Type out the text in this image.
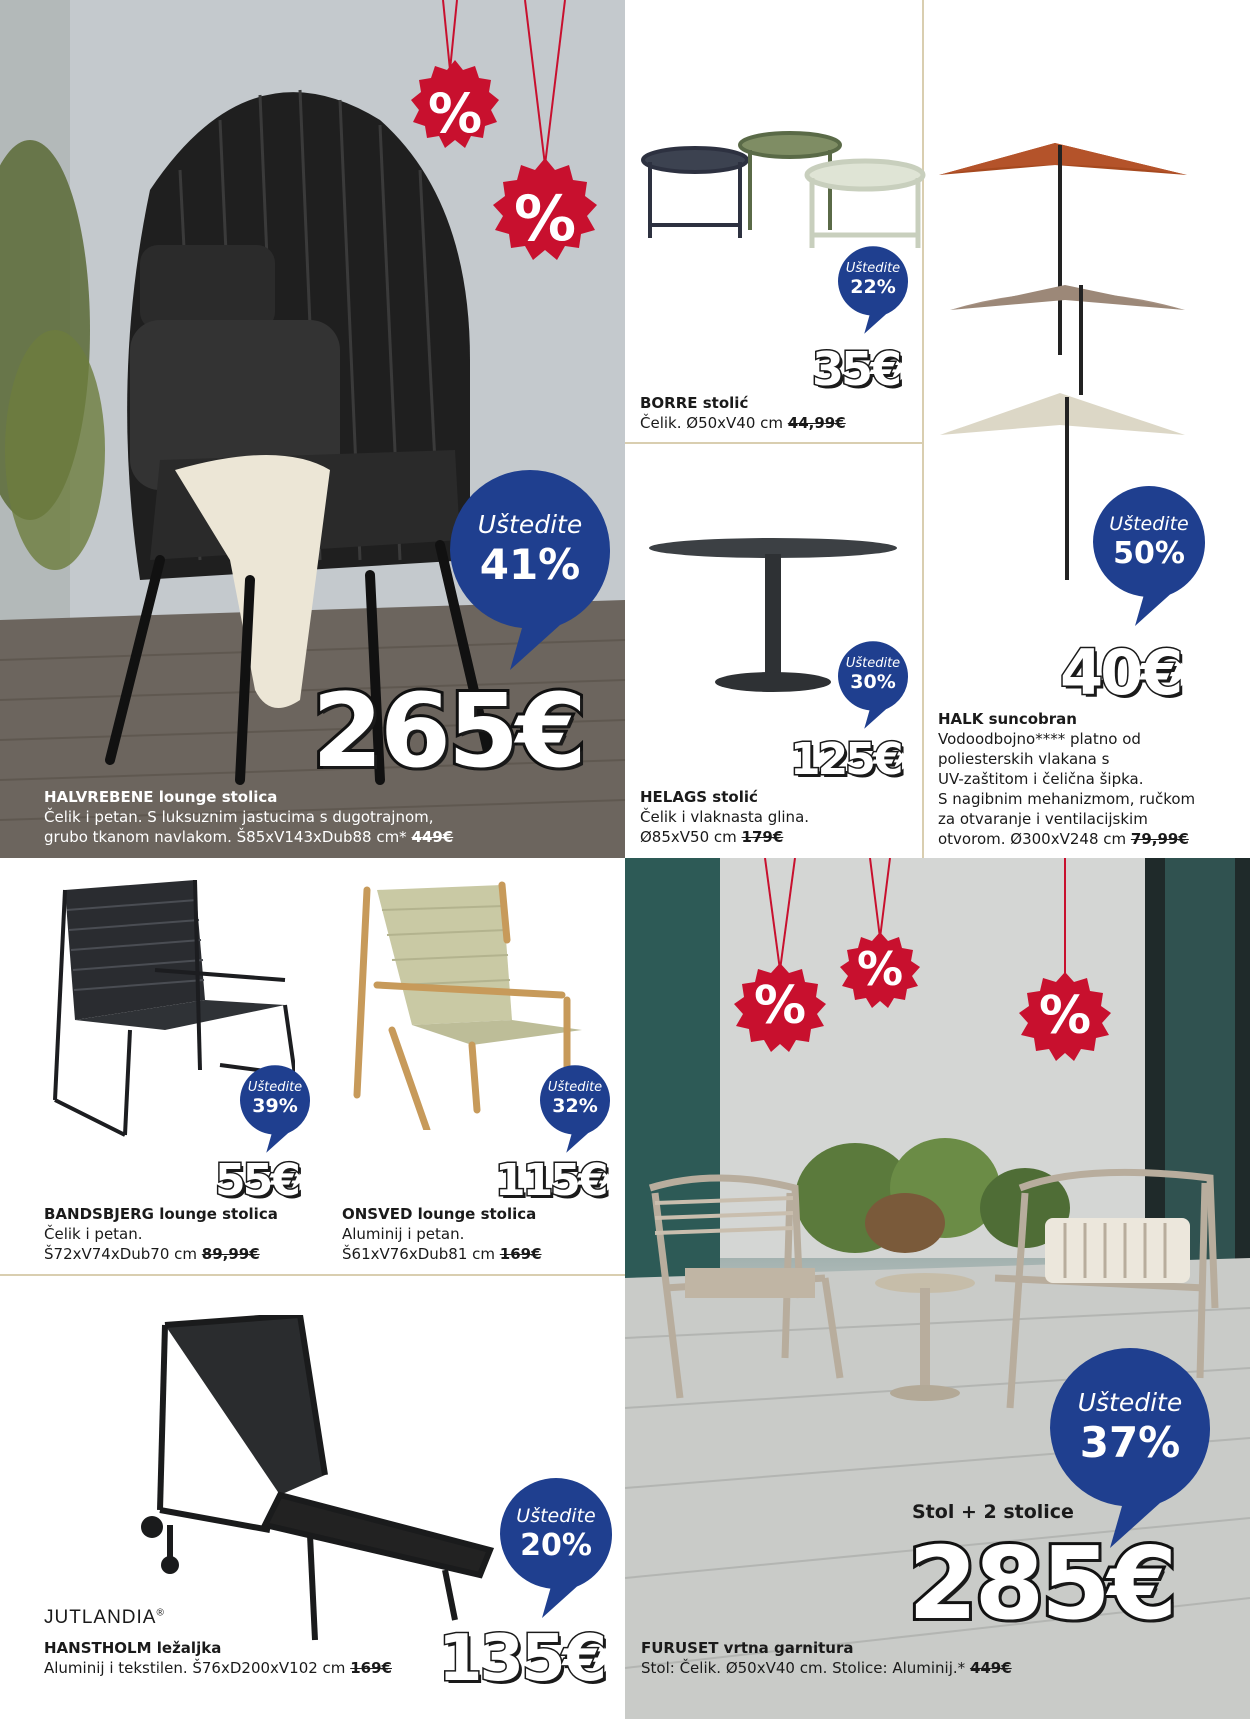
%
%
Uštedite
41%
265€
HALVREBENE lounge stolica
Čelik i petan. S luksuznim jastucima s dugotrajnom,
grubo tkanom navlakom. Š85xV143xDub88 cm* 449€
Uštedite
22%
35€
BORRE stolić
Čelik. Ø50xV40 cm 44,99€
Uštedite
30%
125€
HELAGS stolić
Čelik i vlaknasta glina.
Ø85xV50 cm 179€
Uštedite
50%
40€
HALK suncobran
Vodoodbojno**** platno od
poliesterskih vlakana s
UV-zaštitom i čelična šipka.
S nagibnim mehanizmom, ručkom
za otvaranje i ventilacijskim
otvorom. Ø300xV248 cm 79,99€
Uštedite
39%
55€
BANDSBJERG lounge stolica
Čelik i petan.
Š72xV74xDub70 cm 89,99€
Uštedite
32%
115€
ONSVED lounge stolica
Aluminij i petan.
Š61xV76xDub81 cm 169€
Uštedite
20%
135€
JUTLANDIA®
HANSTHOLM ležaljka
Aluminij i tekstilen. Š76xD200xV102 cm 169€
%
%
%
Uštedite
37%
Stol + 2 stolice
285€
FURUSET vrtna garnitura
Stol: Čelik. Ø50xV40 cm. Stolice: Aluminij.* 449€
